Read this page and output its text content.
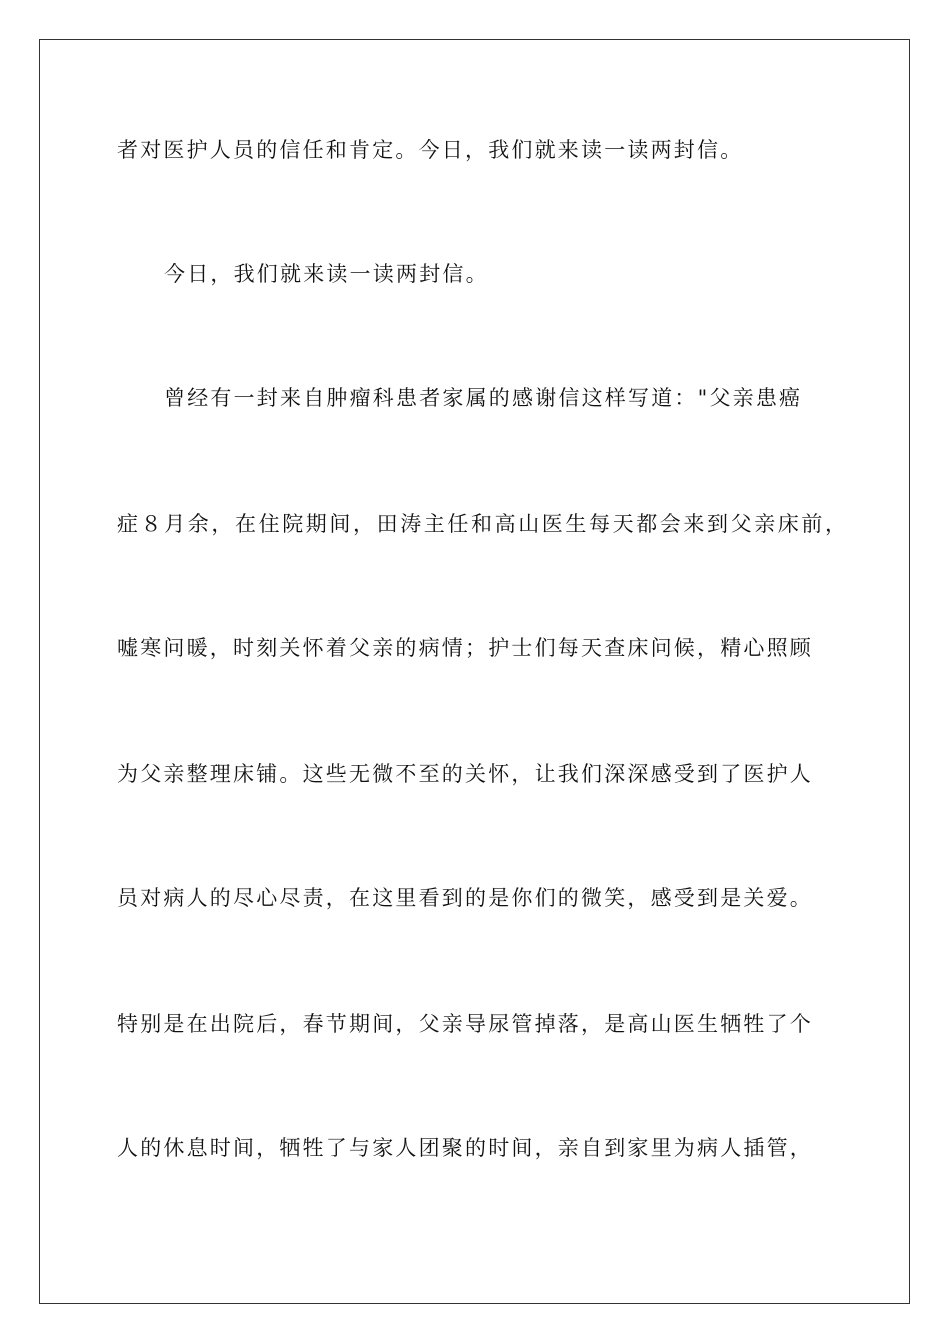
者对医护人员的信任和肯定。今日，我们就来读一读两封信。
今日，我们就来读一读两封信。
曾经有一封来自肿瘤科患者家属的感谢信这样写道："父亲患癌
症８月余，在住院期间，田涛主任和高山医生每天都会来到父亲床前，
嘘寒问暖，时刻关怀着父亲的病情；护士们每天查床问候，精心照顾
为父亲整理床铺。这些无微不至的关怀，让我们深深感受到了医护人
员对病人的尽心尽责，在这里看到的是你们的微笑，感受到是关爱。
特别是在出院后，春节期间，父亲导尿管掉落，是高山医生牺牲了个
人的休息时间，牺牲了与家人团聚的时间，亲自到家里为病人插管，
